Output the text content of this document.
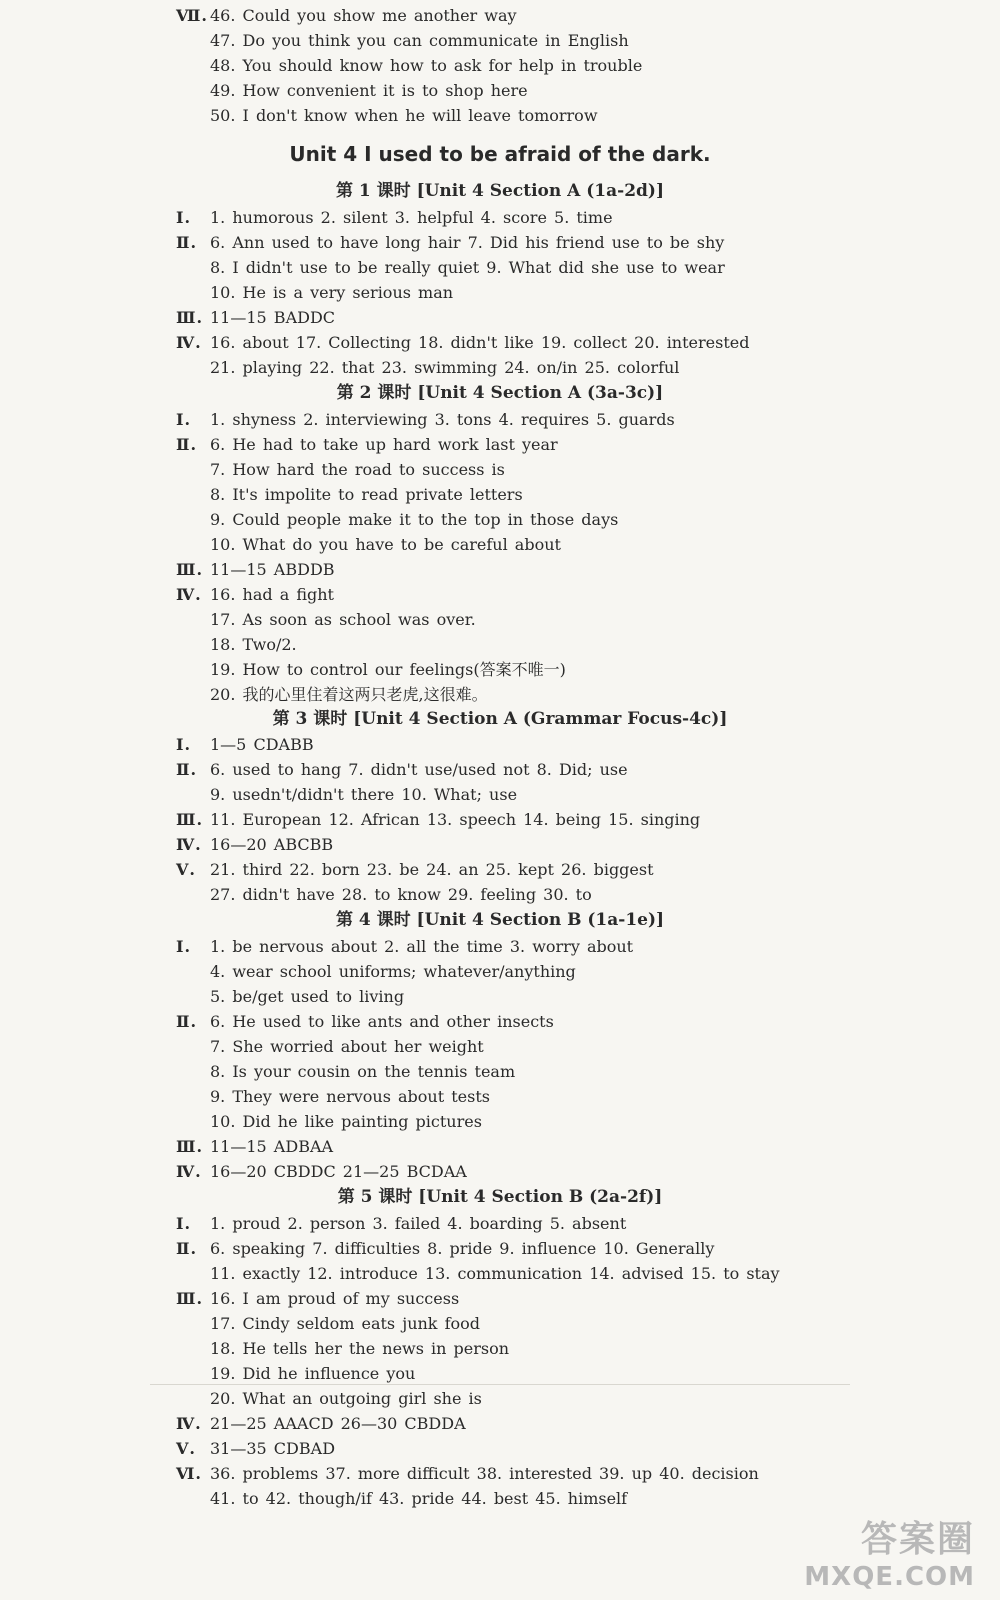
Ⅶ. 46. Could you show me another way
47. Do you think you can communicate in English
48. You should know how to ask for help in trouble
49. How convenient it is to shop here
50. I don't know when he will leave tomorrow
Unit 4 I used to be afraid of the dark.
第 1 课时 [Unit 4 Section A (1a-2d)]
Ⅰ. 1. humorous 2. silent 3. helpful 4. score 5. time
Ⅱ. 6. Ann used to have long hair 7. Did his friend use to be shy
8. I didn't use to be really quiet 9. What did she use to wear
10. He is a very serious man
Ⅲ. 11—15 BADDC
Ⅳ. 16. about 17. Collecting 18. didn't like 19. collect 20. interested
21. playing 22. that 23. swimming 24. on/in 25. colorful
第 2 课时 [Unit 4 Section A (3a-3c)]
Ⅰ. 1. shyness 2. interviewing 3. tons 4. requires 5. guards
Ⅱ. 6. He had to take up hard work last year
7. How hard the road to success is
8. It's impolite to read private letters
9. Could people make it to the top in those days
10. What do you have to be careful about
Ⅲ. 11—15 ABDDB
Ⅳ. 16. had a fight
17. As soon as school was over.
18. Two/2.
19. How to control our feelings(答案不唯一)
20. 我的心里住着这两只老虎,这很难。
第 3 课时 [Unit 4 Section A (Grammar Focus-4c)]
Ⅰ. 1—5 CDABB
Ⅱ. 6. used to hang 7. didn't use/used not 8. Did; use
9. usedn't/didn't there 10. What; use
Ⅲ. 11. European 12. African 13. speech 14. being 15. singing
Ⅳ. 16—20 ABCBB
Ⅴ. 21. third 22. born 23. be 24. an 25. kept 26. biggest
27. didn't have 28. to know 29. feeling 30. to
第 4 课时 [Unit 4 Section B (1a-1e)]
Ⅰ. 1. be nervous about 2. all the time 3. worry about
4. wear school uniforms; whatever/anything
5. be/get used to living
Ⅱ. 6. He used to like ants and other insects
7. She worried about her weight
8. Is your cousin on the tennis team
9. They were nervous about tests
10. Did he like painting pictures
Ⅲ. 11—15 ADBAA
Ⅳ. 16—20 CBDDC 21—25 BCDAA
第 5 课时 [Unit 4 Section B (2a-2f)]
Ⅰ. 1. proud 2. person 3. failed 4. boarding 5. absent
Ⅱ. 6. speaking 7. difficulties 8. pride 9. influence 10. Generally
11. exactly 12. introduce 13. communication 14. advised 15. to stay
Ⅲ. 16. I am proud of my success
17. Cindy seldom eats junk food
18. He tells her the news in person
19. Did he influence you
20. What an outgoing girl she is
Ⅳ. 21—25 AAACD 26—30 CBDDA
Ⅴ. 31—35 CDBAD
Ⅵ. 36. problems 37. more difficult 38. interested 39. up 40. decision
41. to 42. though/if 43. pride 44. best 45. himself
答案圈
MXQE.COM
